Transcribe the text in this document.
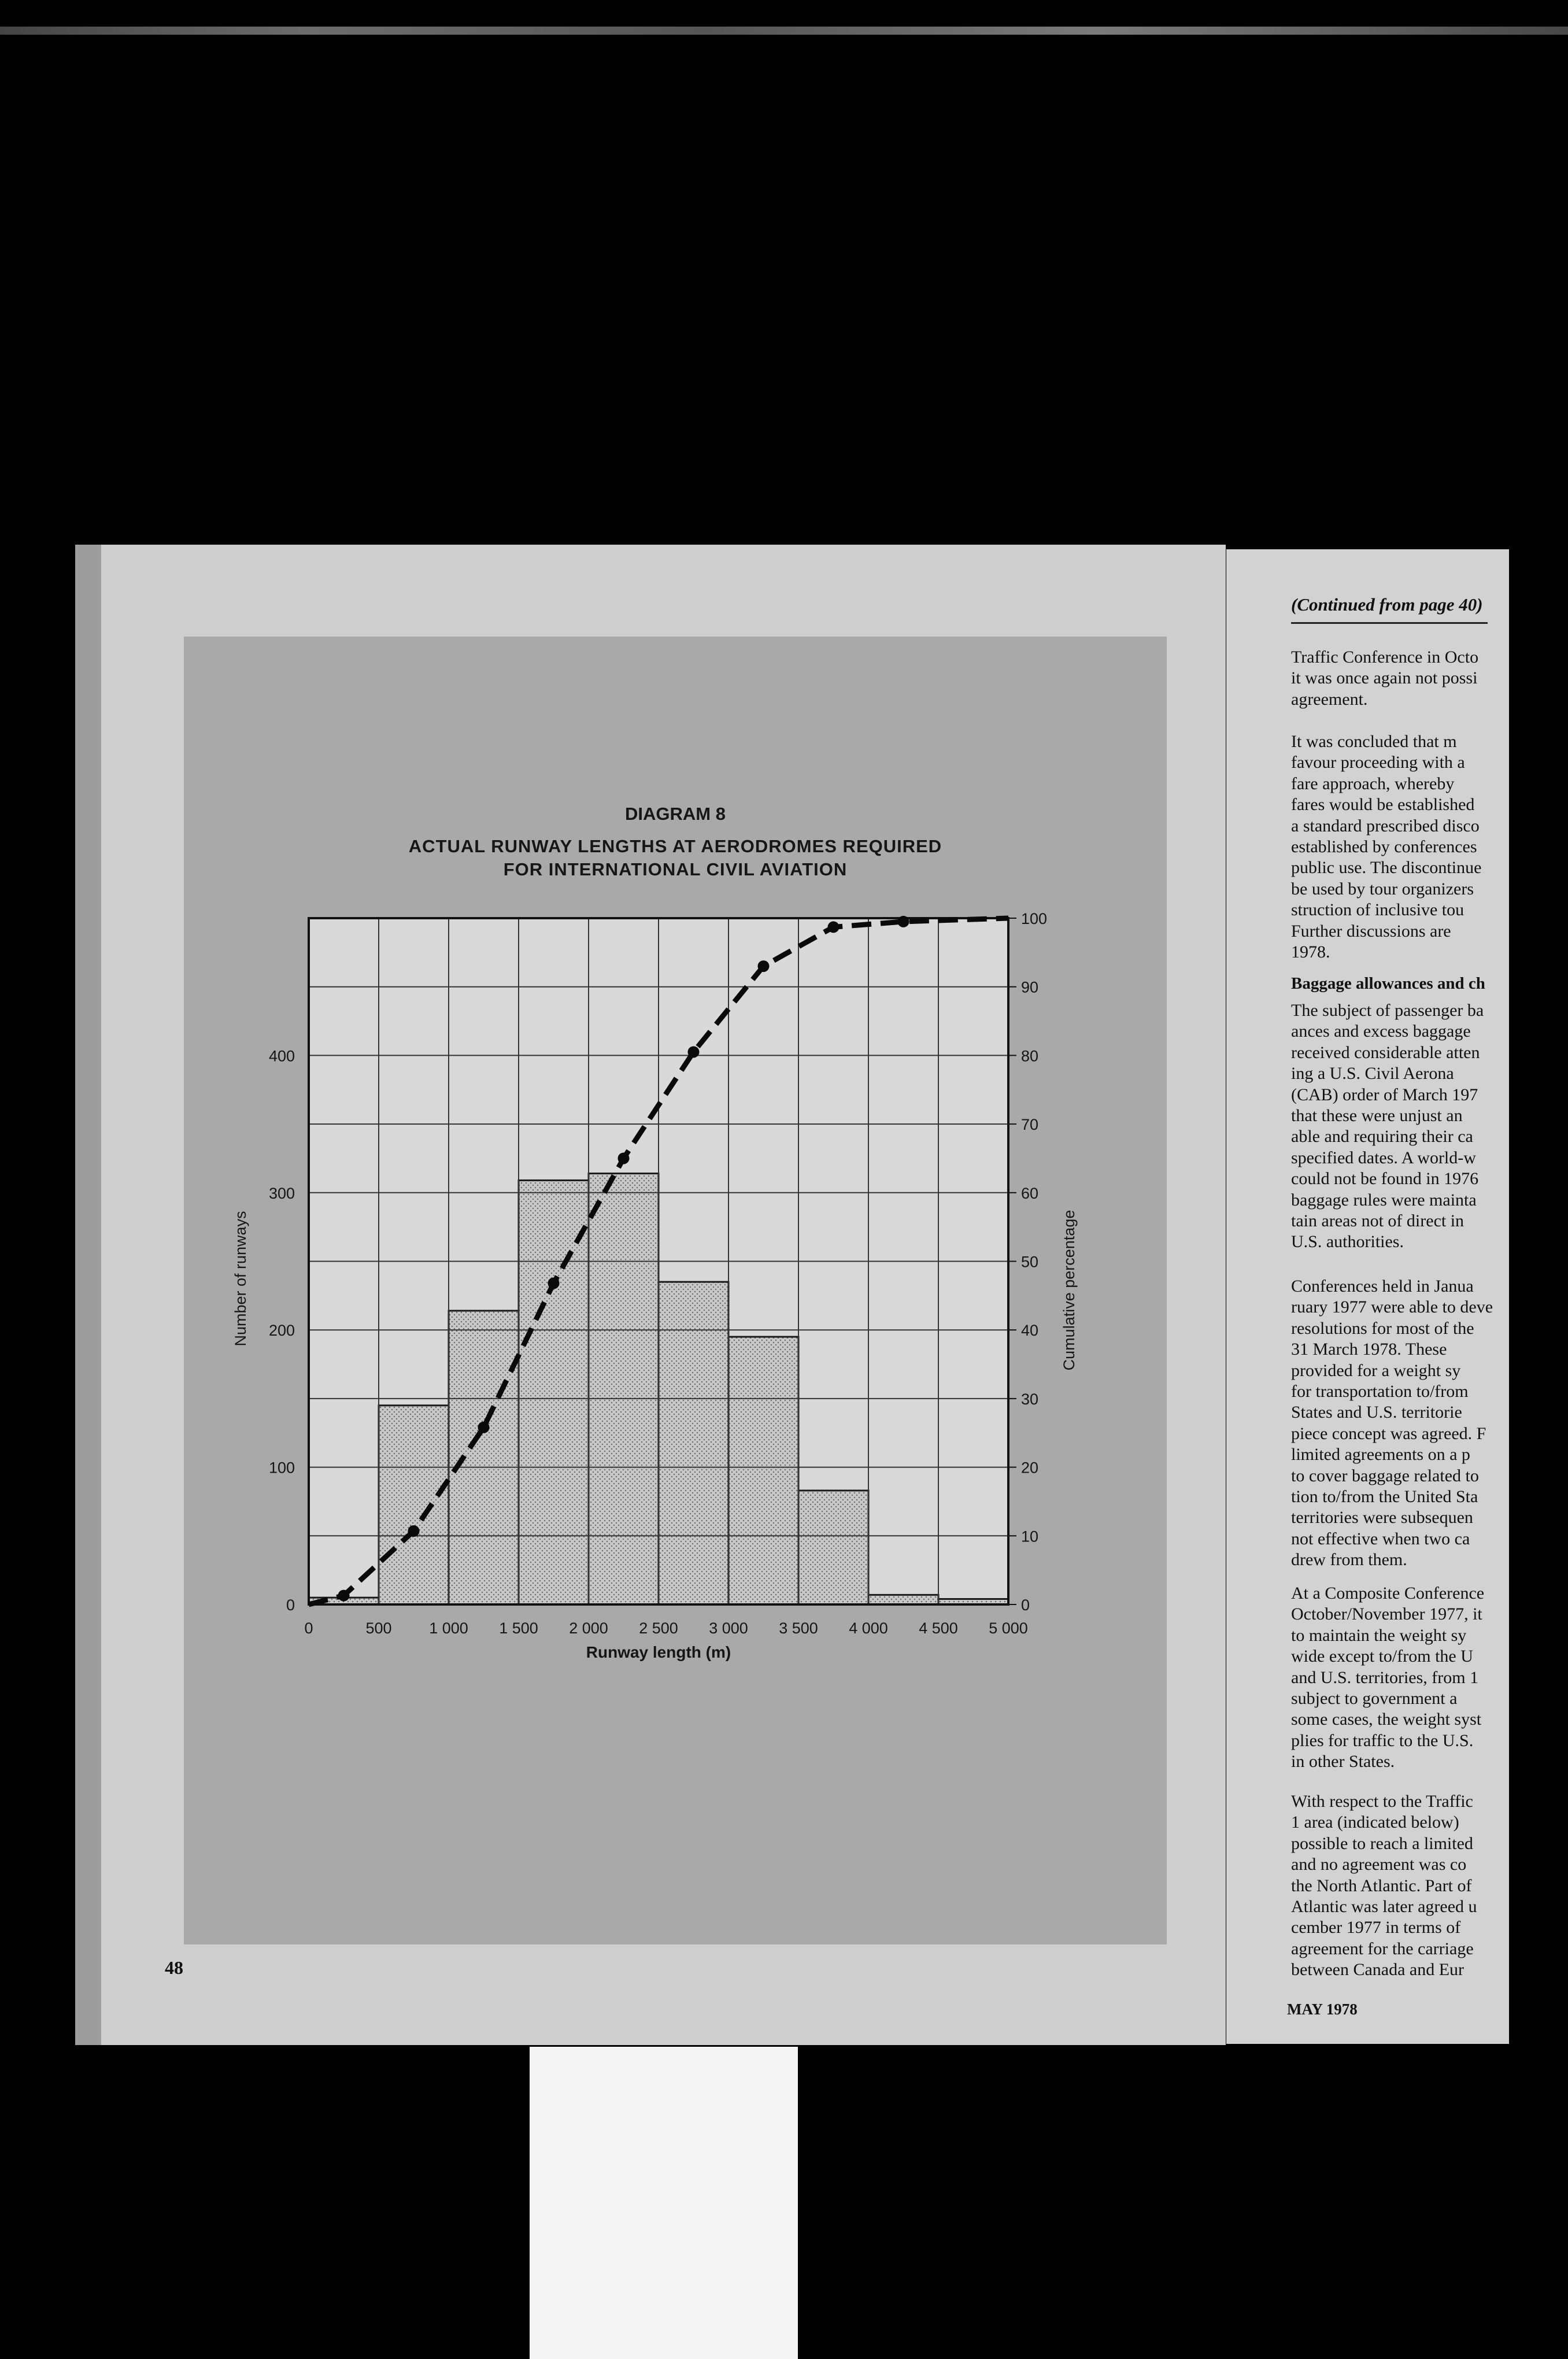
DIAGRAM 8
ACTUAL RUNWAY LENGTHS AT AERODROMES REQUIRED
FOR INTERNATIONAL CIVIL AVIATION
48
0	500 1 000 1 500 2 000 2 500 3 000 3 500 4 000 4 500 5 000
0
100
200
300
400
0
10
20
30
40
50
60
70
80
90
100
Runway length (m)
Number of runways	Cumulative percentage
(Continued from page 40)
Baggage allowances and ch
Traffic Conference in Octo
it was once again not possi
agreement.
It was concluded that m
favour proceeding with a
fare approach, whereby
fares would be established
a standard prescribed disco
established by conferences
public use. The discontinue
be used by tour organizers
struction of inclusive tou
Further discussions are
1978.
The subject of passenger ba
ances and excess baggage
received considerable atten
ing a U.S. Civil Aerona
(CAB) order of March 197
that these were unjust an
able and requiring their ca
specified dates. A world-w
could not be found in 1976
baggage rules were mainta
tain areas not of direct in
U.S. authorities.
Conferences held in Janua
ruary 1977 were able to deve
resolutions for most of the
31 March 1978. These
provided for a weight sy
for transportation to/from
States and U.S. territorie
piece concept was agreed. F
limited agreements on a p
to cover baggage related to
tion to/from the United Sta
territories were subsequen
not effective when two ca
drew from them.
At a Composite Conference
October/November 1977, it
to maintain the weight sy
wide except to/from the U
and U.S. territories, from 1
subject to government a
some cases, the weight syst
plies for traffic to the U.S.
in other States.
With respect to the Traffic
1 area (indicated below)
possible to reach a limited
and no agreement was co
the North Atlantic. Part of
Atlantic was later agreed u
cember 1977 in terms of
agreement for the carriage
between Canada and Eur
MAY 1978
